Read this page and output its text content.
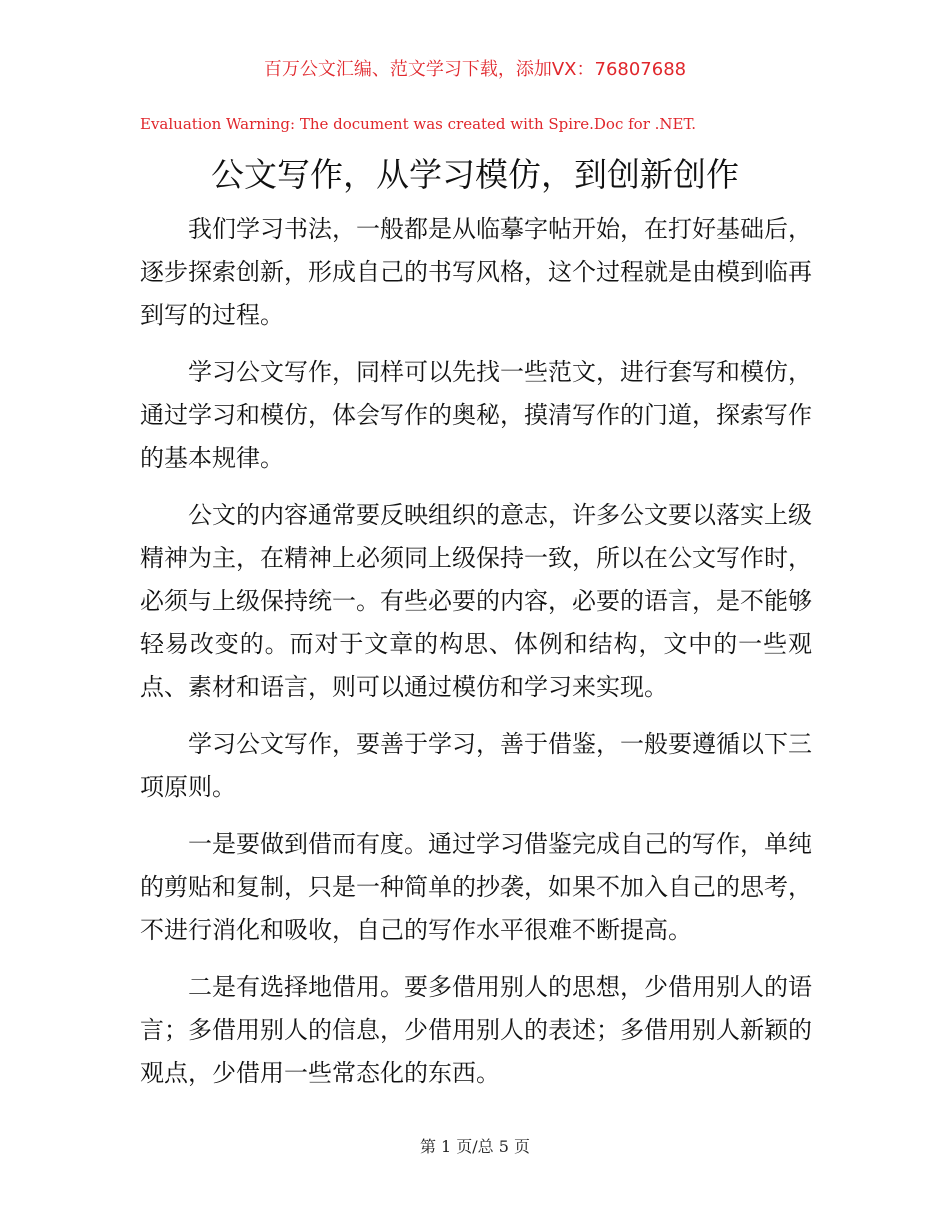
百万公文汇编、范文学习下载，添加VX：76807688
Evaluation Warning: The document was created with Spire.Doc for .NET.
公文写作，从学习模仿，到创新创作

我们学习书法，一般都是从临摹字帖开始，在打好基础后，逐步探索创新，形成自己的书写风格，这个过程就是由模到临再到写的过程。

学习公文写作，同样可以先找一些范文，进行套写和模仿，通过学习和模仿，体会写作的奥秘，摸清写作的门道，探索写作的基本规律。

公文的内容通常要反映组织的意志，许多公文要以落实上级精神为主，在精神上必须同上级保持一致，所以在公文写作时，必须与上级保持统一。有些必要的内容，必要的语言，是不能够轻易改变的。而对于文章的构思、体例和结构，文中的一些观点、素材和语言，则可以通过模仿和学习来实现。

学习公文写作，要善于学习，善于借鉴，一般要遵循以下三项原则。

一是要做到借而有度。通过学习借鉴完成自己的写作，单纯的剪贴和复制，只是一种简单的抄袭，如果不加入自己的思考，不进行消化和吸收，自己的写作水平很难不断提高。

二是有选择地借用。要多借用别人的思想，少借用别人的语言；多借用别人的信息，少借用别人的表述；多借用别人新颖的观点，少借用一些常态化的东西。

第 1 页/总 5 页
